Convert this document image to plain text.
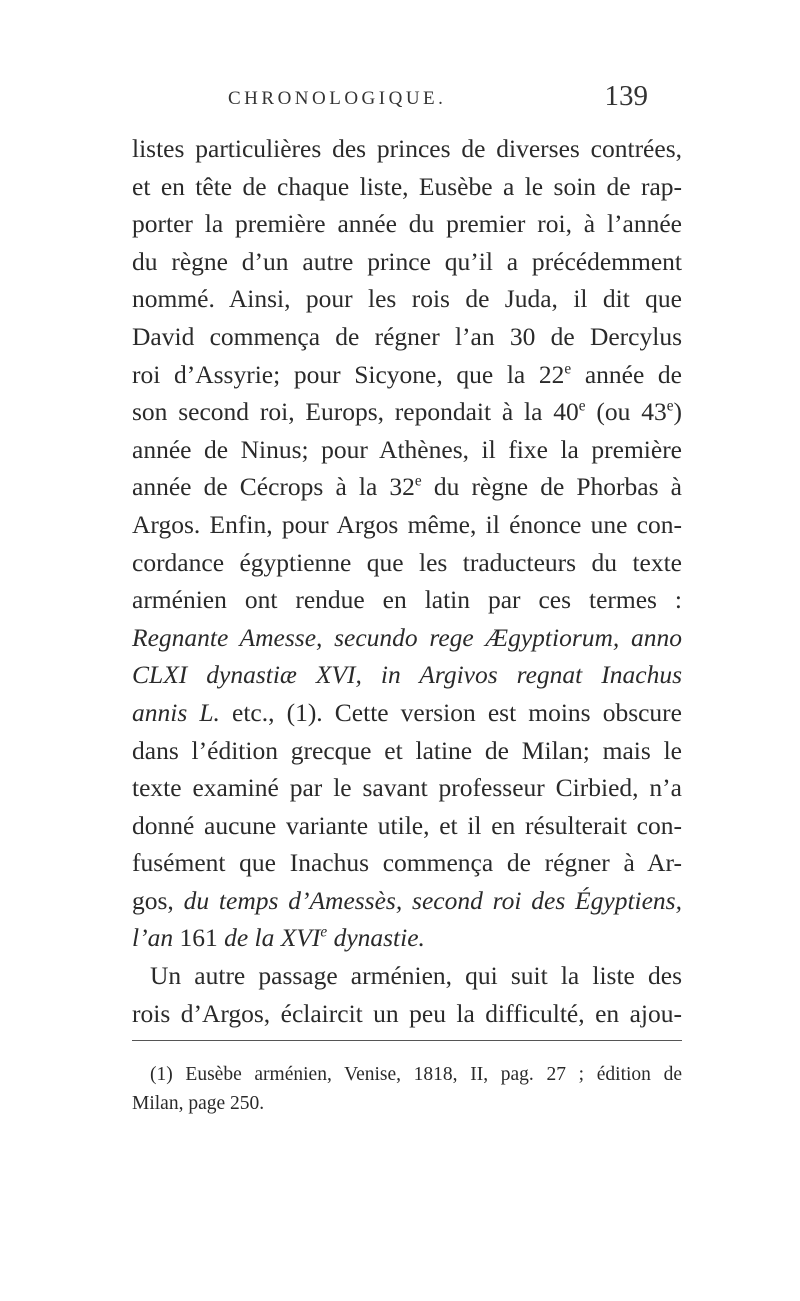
CHRONOLOGIQUE.	139
listes particulières des princes de diverses contrées,
et en tête de chaque liste, Eusèbe a le soin de rap-
porter la première année du premier roi, à l’année
du règne d’un autre prince qu’il a précédemment
nommé. Ainsi, pour les rois de Juda, il dit que
David commença de régner l’an 30 de Dercylus
roi d’Assyrie; pour Sicyone, que la 22e année de
son second roi, Europs, repondait à la 40e (ou 43e)
année de Ninus; pour Athènes, il fixe la première
année de Cécrops à la 32e du règne de Phorbas à
Argos. Enfin, pour Argos même, il énonce une con-
cordance égyptienne que les traducteurs du texte
arménien ont rendue en latin par ces termes :
Regnante Amesse, secundo rege Ægyptiorum, anno
CLXI dynastiæ XVI, in Argivos regnat Inachus
annis L. etc., (1). Cette version est moins obscure
dans l’édition grecque et latine de Milan; mais le
texte examiné par le savant professeur Cirbied, n’a
donné aucune variante utile, et il en résulterait con-
fusément que Inachus commença de régner à Ar-
gos, du temps d’Amessès, second roi des Égyptiens,
l’an 161 de la XVIe dynastie.
Un autre passage arménien, qui suit la liste des
rois d’Argos, éclaircit un peu la difficulté, en ajou-
(1) Eusèbe arménien, Venise, 1818, II, pag. 27 ; édition de
Milan, page 250.
